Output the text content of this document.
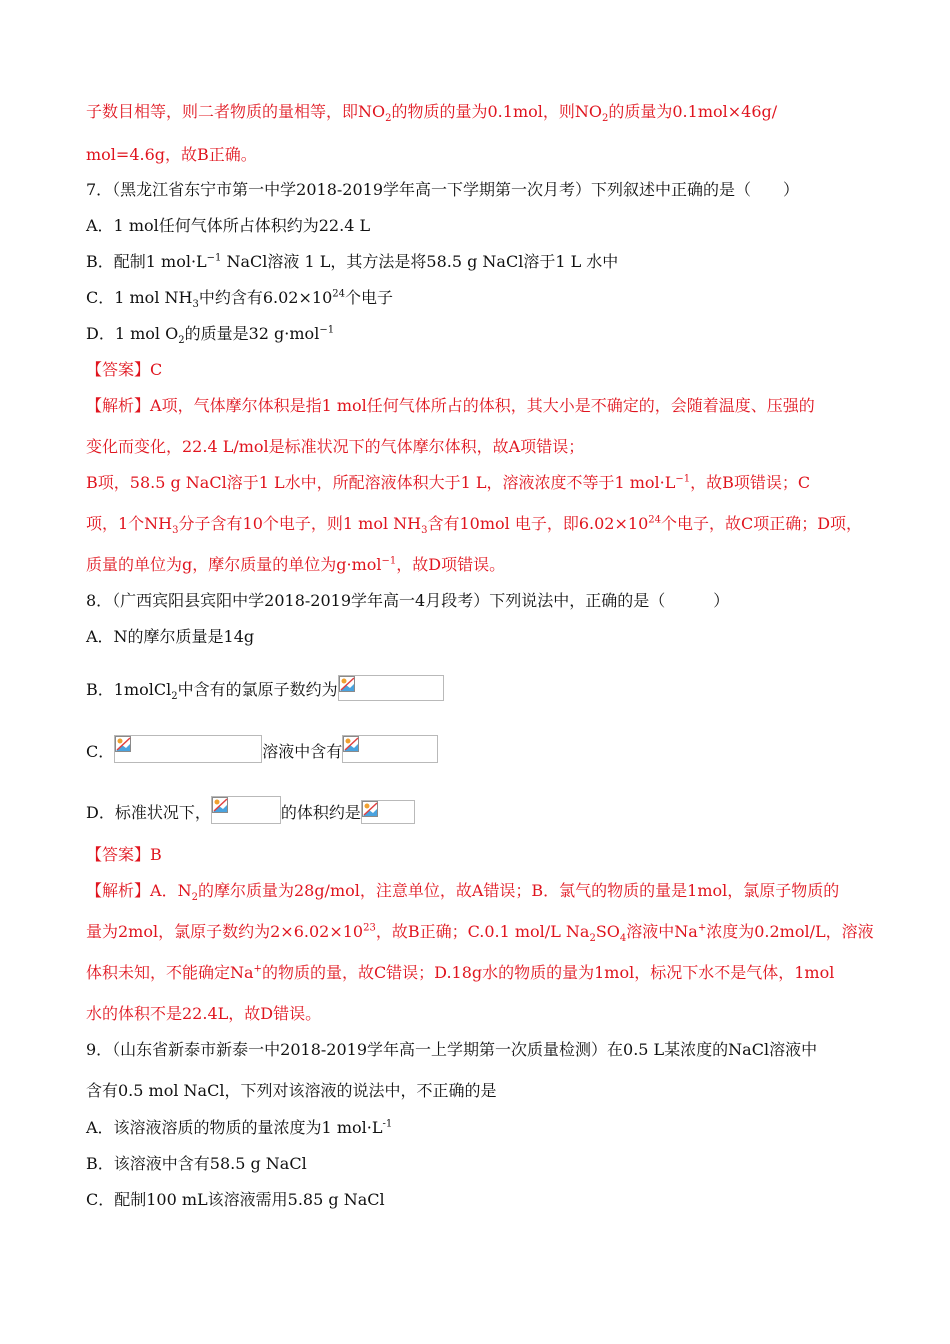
子数目相等，则二者物质的量相等，即$NO_2$的物质的量为0.1mol，则$NO_2$的质量为0.1mol×46g/
mol=4.6g，故B正确。
7．（黑龙江省东宁市第一中学2018-2019学年高一下学期第一次月考）下列叙述中正确的是（　　）
A．1 mol任何气体所占体积约为22.4 L
B．配制1 $mol\cdot L^{-1}$ NaCl溶液 1 L，其方法是将58.5 g NaCl溶于1 L 水中
C．1 mol $NH_3$中约含有$6.02\times 10^{24}$个电子
D．1 mol $O_2$的质量是32 g·mol$^{-1}$
【答案】C
【解析】A项，气体摩尔体积是指1 mol任何气体所占的体积，其大小是不确定的，会随着温度、压强的
变化而变化，22.4 L/mol是标准状况下的气体摩尔体积，故A项错误；
B项，58.5 g NaCl溶于1 L水中，所配溶液体积大于1 L，溶液浓度不等于1 $mol\cdot L^{-1}$，故B项错误；C
项，1个$NH_3$分子含有10个电子，则1 mol $NH_3$含有10mol 电子，即$6.02\times 10^{24}$个电子，故C项正确；D项，
质量的单位为g，摩尔质量的单位为g·mol$^{-1}$，故D项错误。
8．（广西宾阳县宾阳中学2018-2019学年高一4月段考）下列说法中，正确的是（　　　）
A．N的摩尔质量是14g
B．1molCl$_2$中含有的氯原子数约为
C．	溶液中含有
D．标准状况下，	的体积约是
【答案】B
【解析】A．$N_2$的摩尔质量为28g/mol，注意单位，故A错误；B．氯气的物质的量是1mol，氯原子物质的
量为2mol，氯原子数约为$2\times 6.02\times 10^{23}$，故B正确；C.0.1 mol/L $Na_2SO_4$溶液中Na+浓度为0.2mol/L，溶液
体积未知，不能确定Na+的物质的量，故C错误；D.18g水的物质的量为1mol，标况下水不是气体，1mol
水的体积不是22.4L，故D错误。
9．（山东省新泰市新泰一中2018-2019学年高一上学期第一次质量检测）在0.5 L某浓度的NaCl溶液中
含有0.5 mol NaCl，下列对该溶液的说法中，不正确的是
A．该溶液溶质的物质的量浓度为1 $mol\cdot L^{-1}$
B．该溶液中含有58.5 g NaCl
C．配制100 mL该溶液需用5.85 g NaCl
